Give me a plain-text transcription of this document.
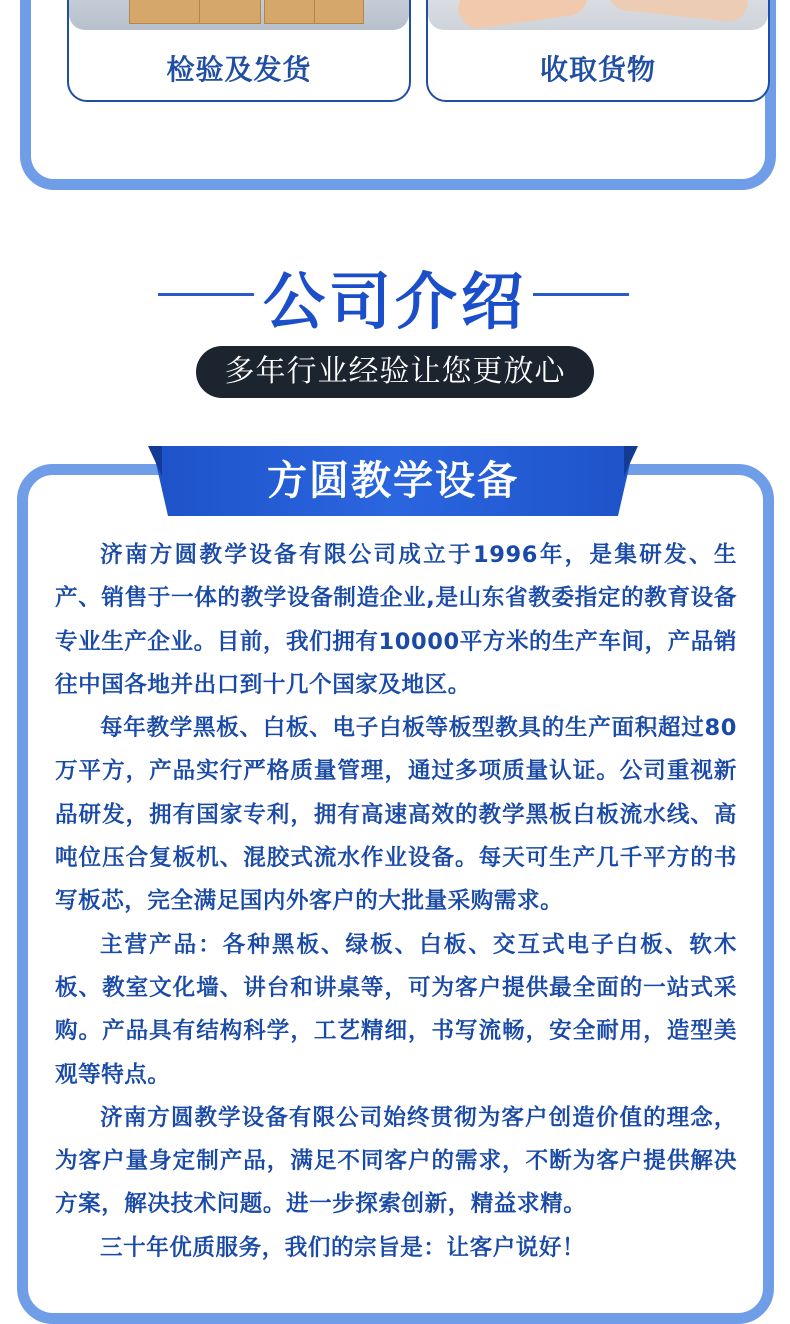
检验及发货	收取货物
公司介绍
多年行业经验让您更放心
方圆教学设备

济南方圆教学设备有限公司成立于1996年，是集研发、生产、销售于一体的教学设备制造企业,是山东省教委指定的教育设备专业生产企业。目前，我们拥有10000平方米的生产车间，产品销往中国各地并出口到十几个国家及地区。

每年教学黑板、白板、电子白板等板型教具的生产面积超过80万平方，产品实行严格质量管理，通过多项质量认证。公司重视新品研发，拥有国家专利，拥有高速高效的教学黑板白板流水线、高吨位压合复板机、混胶式流水作业设备。每天可生产几千平方的书写板芯，完全满足国内外客户的大批量采购需求。

主营产品：各种黑板、绿板、白板、交互式电子白板、软木板、教室文化墙、讲台和讲桌等，可为客户提供最全面的一站式采购。产品具有结构科学，工艺精细，书写流畅，安全耐用，造型美观等特点。

济南方圆教学设备有限公司始终贯彻为客户创造价值的理念，为客户量身定制产品，满足不同客户的需求，不断为客户提供解决方案，解决技术问题。进一步探索创新，精益求精。

三十年优质服务，我们的宗旨是：让客户说好！
